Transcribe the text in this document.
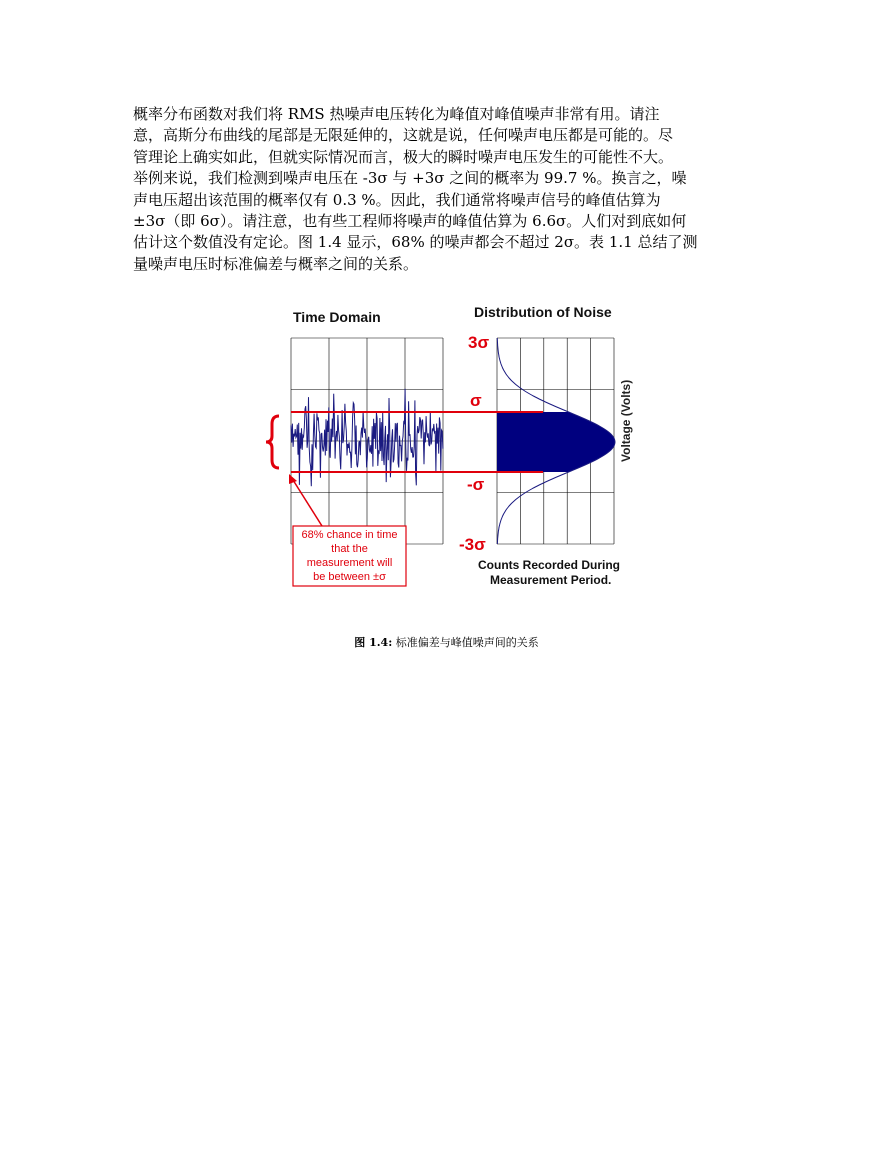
概率分布函数对我们将 RMS 热噪声电压转化为峰值对峰值噪声非常有用。请注
意，高斯分布曲线的尾部是无限延伸的，这就是说，任何噪声电压都是可能的。尽
管理论上确实如此，但就实际情况而言，极大的瞬时噪声电压发生的可能性不大。
举例来说，我们检测到噪声电压在 -3σ 与 +3σ 之间的概率为 99.7 %。换言之，噪
声电压超出该范围的概率仅有 0.3 %。因此，我们通常将噪声信号的峰值估算为
±3σ（即 6σ）。请注意，也有些工程师将噪声的峰值估算为 6.6σ。人们对到底如何
估计这个数值没有定论。图 1.4 显示，68% 的噪声都会不超过 2σ。表 1.1 总结了测
量噪声电压时标准偏差与概率之间的关系。
Time Domain	Distribution of Noise
3σ
σ
-σ
-3σ
Voltage (Volts)
Counts Recorded During
Measurement Period.
68% chance in time
that the
measurement will
be between ±σ
图 1.4: 标准偏差与峰值噪声间的关系
